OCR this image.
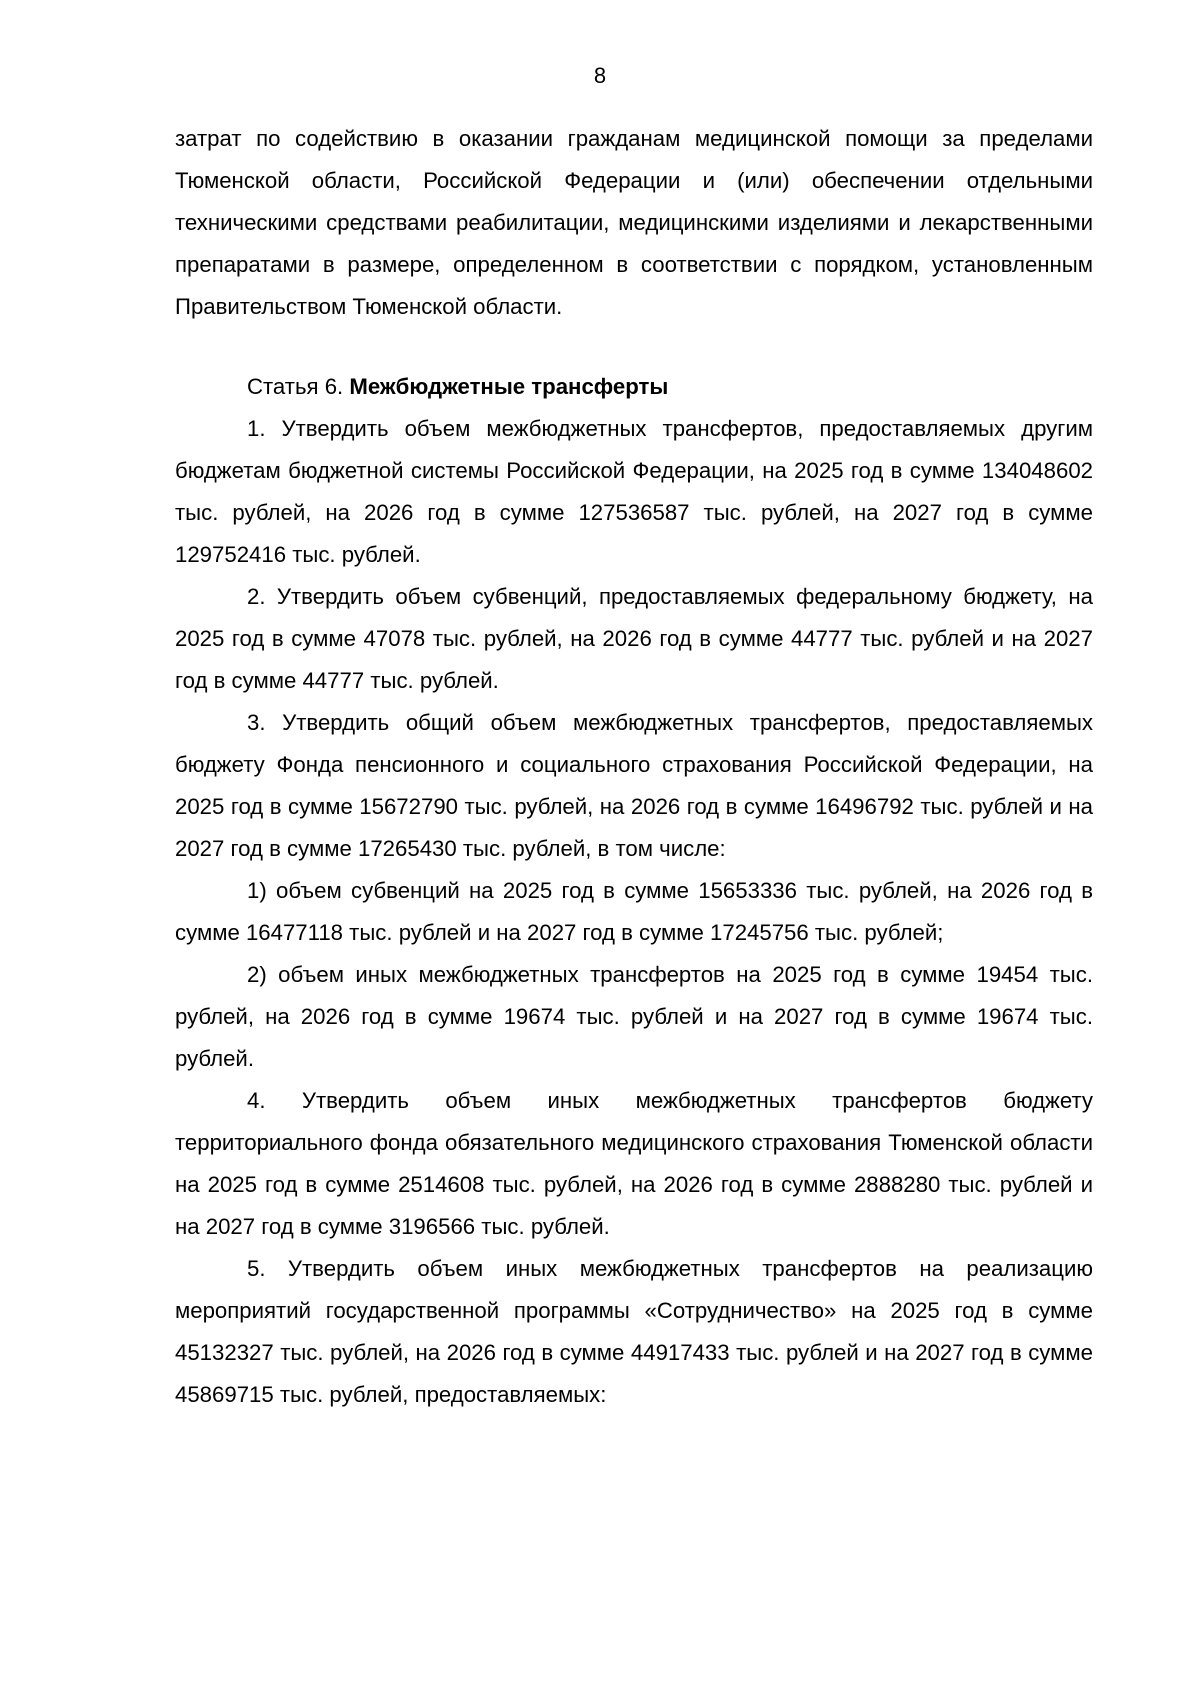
8

затрат по содействию в оказании гражданам медицинской помощи за пределами Тюменской области, Российской Федерации и (или) обеспечении отдельными техническими средствами реабилитации, медицинскими изделиями и лекарственными препаратами в размере, определенном в соответствии с порядком, установленным Правительством Тюменской области.

Статья 6. Межбюджетные трансферты

1. Утвердить объем межбюджетных трансфертов, предоставляемых другим бюджетам бюджетной системы Российской Федерации, на 2025 год в сумме 134048602 тыс. рублей, на 2026 год в сумме 127536587 тыс. рублей, на 2027 год в сумме 129752416 тыс. рублей.

2. Утвердить объем субвенций, предоставляемых федеральному бюджету, на 2025 год в сумме 47078 тыс. рублей, на 2026 год в сумме 44777 тыс. рублей и на 2027 год в сумме 44777 тыс. рублей.

3. Утвердить общий объем межбюджетных трансфертов, предоставляемых бюджету Фонда пенсионного и социального страхования Российской Федерации, на 2025 год в сумме 15672790 тыс. рублей, на 2026 год в сумме 16496792 тыс. рублей и на 2027 год в сумме 17265430 тыс. рублей, в том числе:

1) объем субвенций на 2025 год в сумме 15653336 тыс. рублей, на 2026 год в сумме 16477118 тыс. рублей и на 2027 год в сумме 17245756 тыс. рублей;

2) объем иных межбюджетных трансфертов на 2025 год в сумме 19454 тыс. рублей, на 2026 год в сумме 19674 тыс. рублей и на 2027 год в сумме 19674 тыс. рублей.

4. Утвердить объем иных межбюджетных трансфертов бюджету территориального фонда обязательного медицинского страхования Тюменской области на 2025 год в сумме 2514608 тыс. рублей, на 2026 год в сумме 2888280 тыс. рублей и на 2027 год в сумме 3196566 тыс. рублей.

5. Утвердить объем иных межбюджетных трансфертов на реализацию мероприятий государственной программы «Сотрудничество» на 2025 год в сумме 45132327 тыс. рублей, на 2026 год в сумме 44917433 тыс. рублей и на 2027 год в сумме 45869715 тыс. рублей, предоставляемых:
